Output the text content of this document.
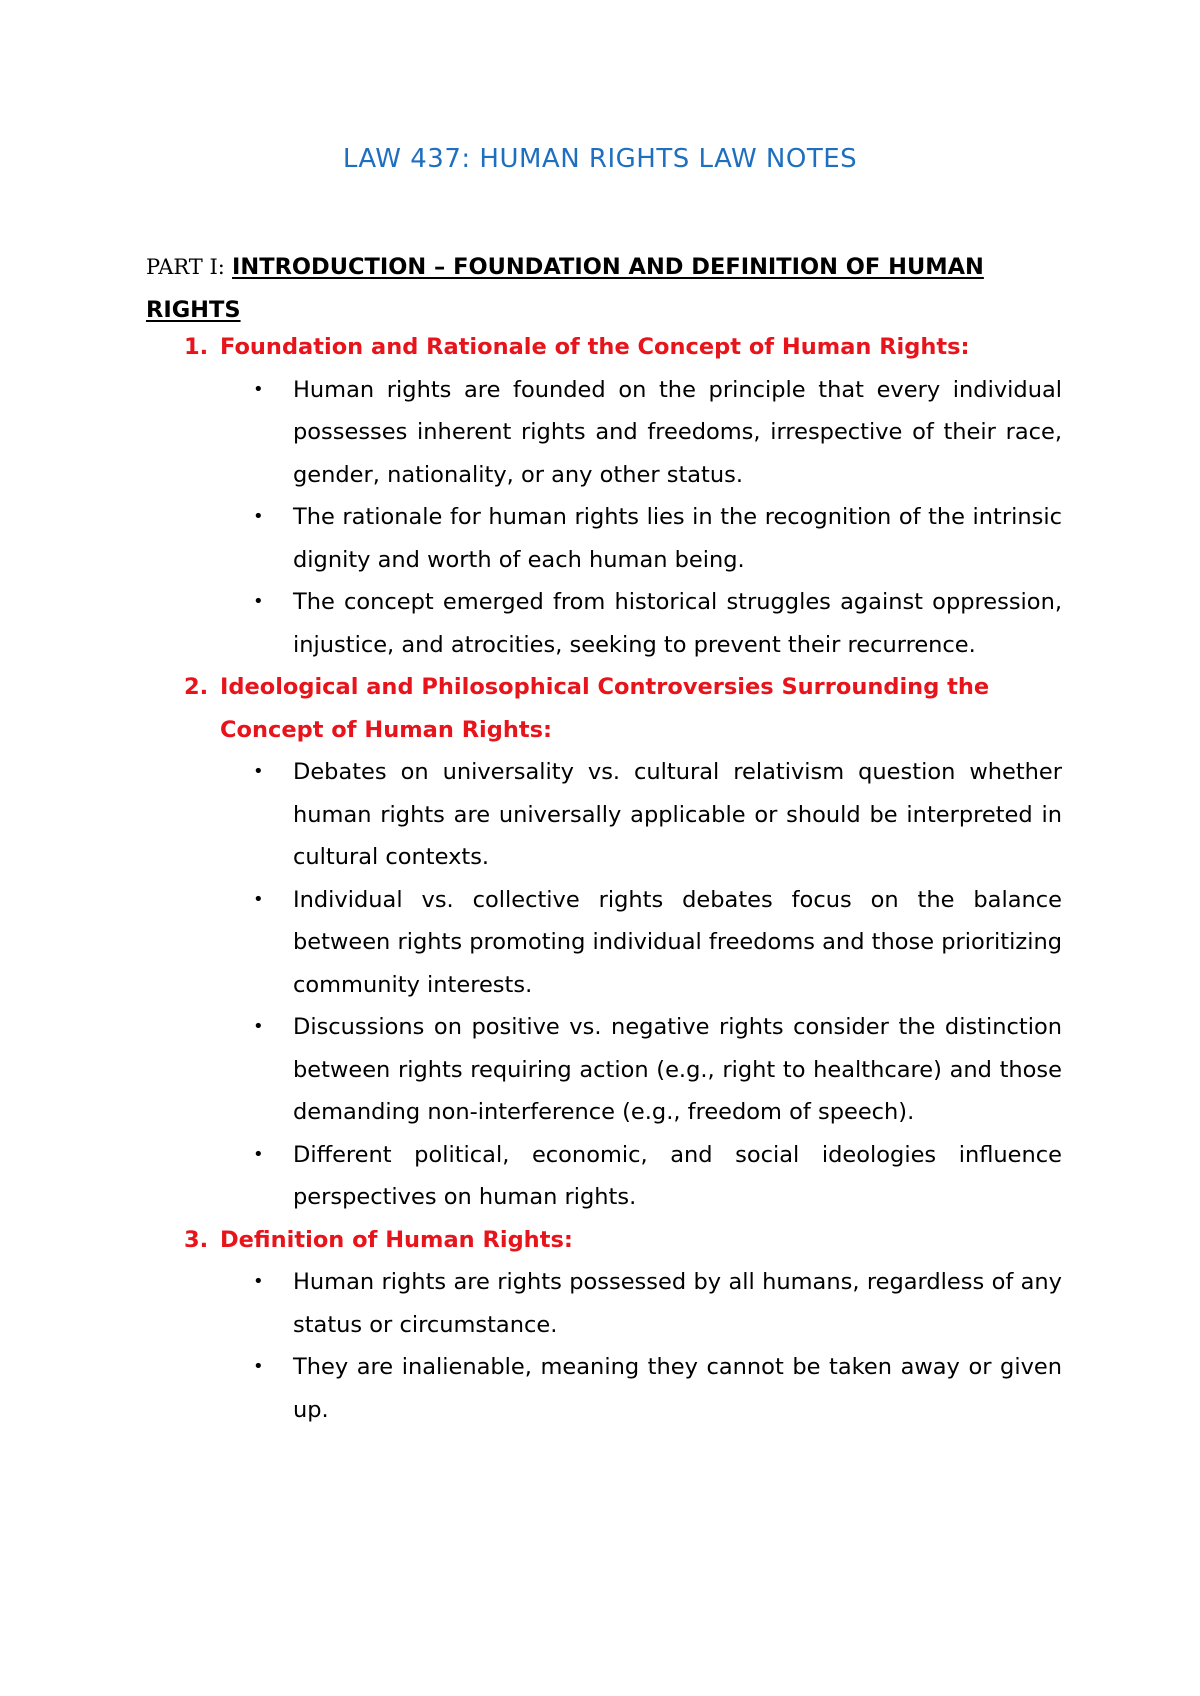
LAW 437: HUMAN RIGHTS LAW NOTES
PART I: INTRODUCTION – FOUNDATION AND DEFINITION OF HUMAN RIGHTS
1. Foundation and Rationale of the Concept of Human Rights:
• Human rights are founded on the principle that every individual possesses inherent rights and freedoms, irrespective of their race, gender, nationality, or any other status.
• The rationale for human rights lies in the recognition of the intrinsic dignity and worth of each human being.
• The concept emerged from historical struggles against oppression, injustice, and atrocities, seeking to prevent their recurrence.
2. Ideological and Philosophical Controversies Surrounding the Concept of Human Rights:
• Debates on universality vs. cultural relativism question whether human rights are universally applicable or should be interpreted in cultural contexts.
• Individual vs. collective rights debates focus on the balance between rights promoting individual freedoms and those prioritizing community interests.
• Discussions on positive vs. negative rights consider the distinction between rights requiring action (e.g., right to healthcare) and those demanding non-interference (e.g., freedom of speech).
• Different political, economic, and social ideologies influence perspectives on human rights.
3. Definition of Human Rights:
• Human rights are rights possessed by all humans, regardless of any status or circumstance.
• They are inalienable, meaning they cannot be taken away or given up.
